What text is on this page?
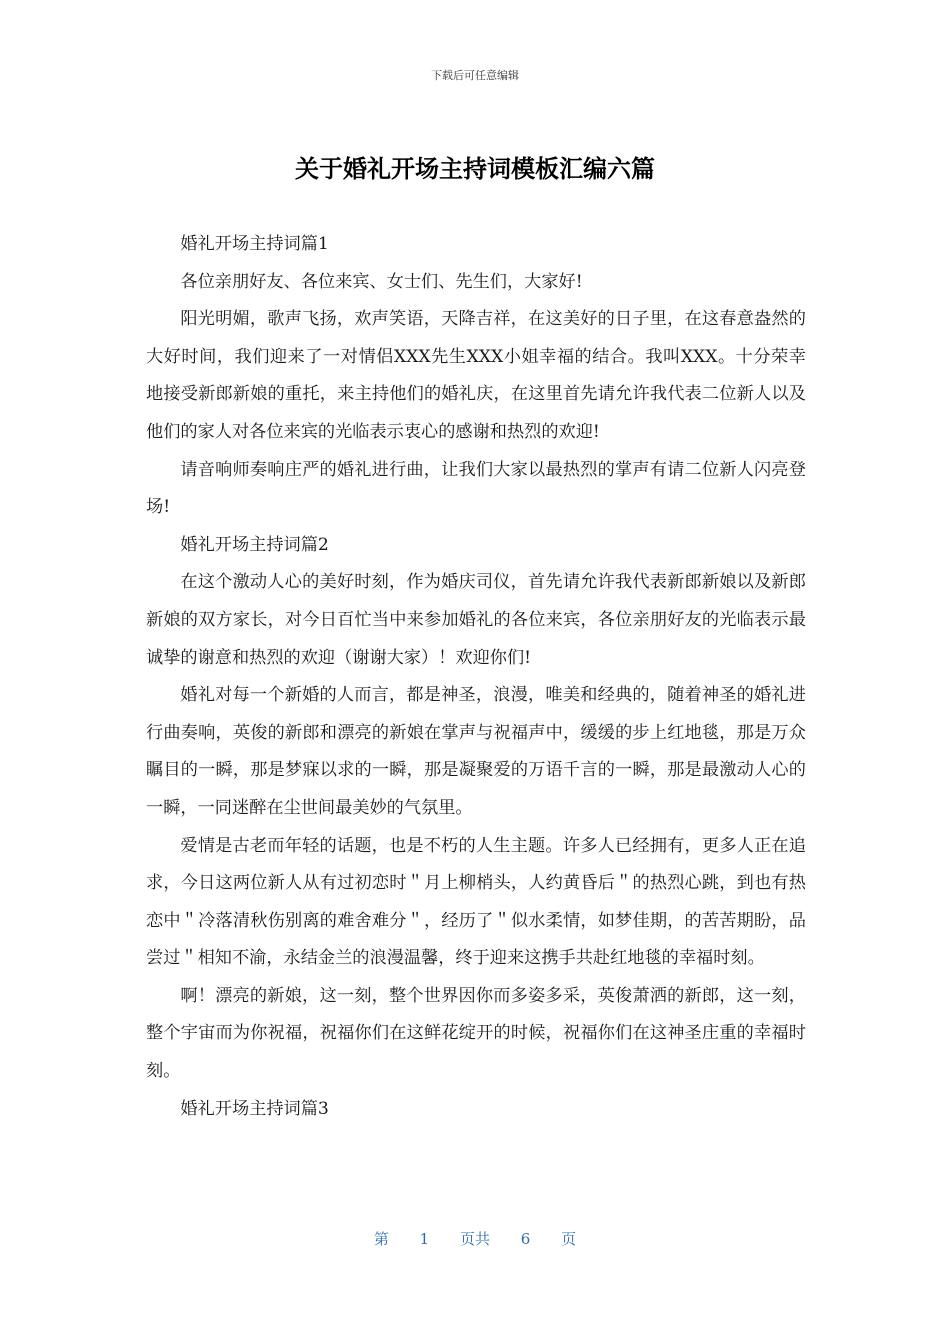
下载后可任意编辑
关于婚礼开场主持词模板汇编六篇

婚礼开场主持词篇1

各位亲朋好友、各位来宾、女士们、先生们，大家好!

阳光明媚，歌声飞扬，欢声笑语，天降吉祥，在这美好的日子里，在这春意盎然的大好时间，我们迎来了一对情侣XXX先生XXX小姐幸福的结合。我叫XXX。十分荣幸地接受新郎新娘的重托，来主持他们的婚礼庆，在这里首先请允许我代表二位新人以及他们的家人对各位来宾的光临表示衷心的感谢和热烈的欢迎!

请音响师奏响庄严的婚礼进行曲，让我们大家以最热烈的掌声有请二位新人闪亮登场!

婚礼开场主持词篇2

在这个激动人心的美好时刻，作为婚庆司仪，首先请允许我代表新郎新娘以及新郎新娘的双方家长，对今日百忙当中来参加婚礼的各位来宾，各位亲朋好友的光临表示最诚挚的谢意和热烈的欢迎（谢谢大家）！欢迎你们!

婚礼对每一个新婚的人而言，都是神圣，浪漫，唯美和经典的，随着神圣的婚礼进行曲奏响，英俊的新郎和漂亮的新娘在掌声与祝福声中，缓缓的步上红地毯，那是万众瞩目的一瞬，那是梦寐以求的一瞬，那是凝聚爱的万语千言的一瞬，那是最激动人心的一瞬，一同迷醉在尘世间最美妙的气氛里。

爱情是古老而年轻的话题，也是不朽的人生主题。许多人已经拥有，更多人正在追求，今日这两位新人从有过初恋时＂月上柳梢头，人约黄昏后＂的热烈心跳，到也有热恋中＂冷落清秋伤别离的难舍难分＂，经历了＂似水柔情，如梦佳期，的苦苦期盼，品尝过＂相知不渝，永结金兰的浪漫温馨，终于迎来这携手共赴红地毯的幸福时刻。

啊！漂亮的新娘，这一刻，整个世界因你而多姿多采，英俊萧洒的新郎，这一刻，整个宇宙而为你祝福，祝福你们在这鲜花绽开的时候，祝福你们在这神圣庄重的幸福时刻。

婚礼开场主持词篇3

第 1 页共 6 页
